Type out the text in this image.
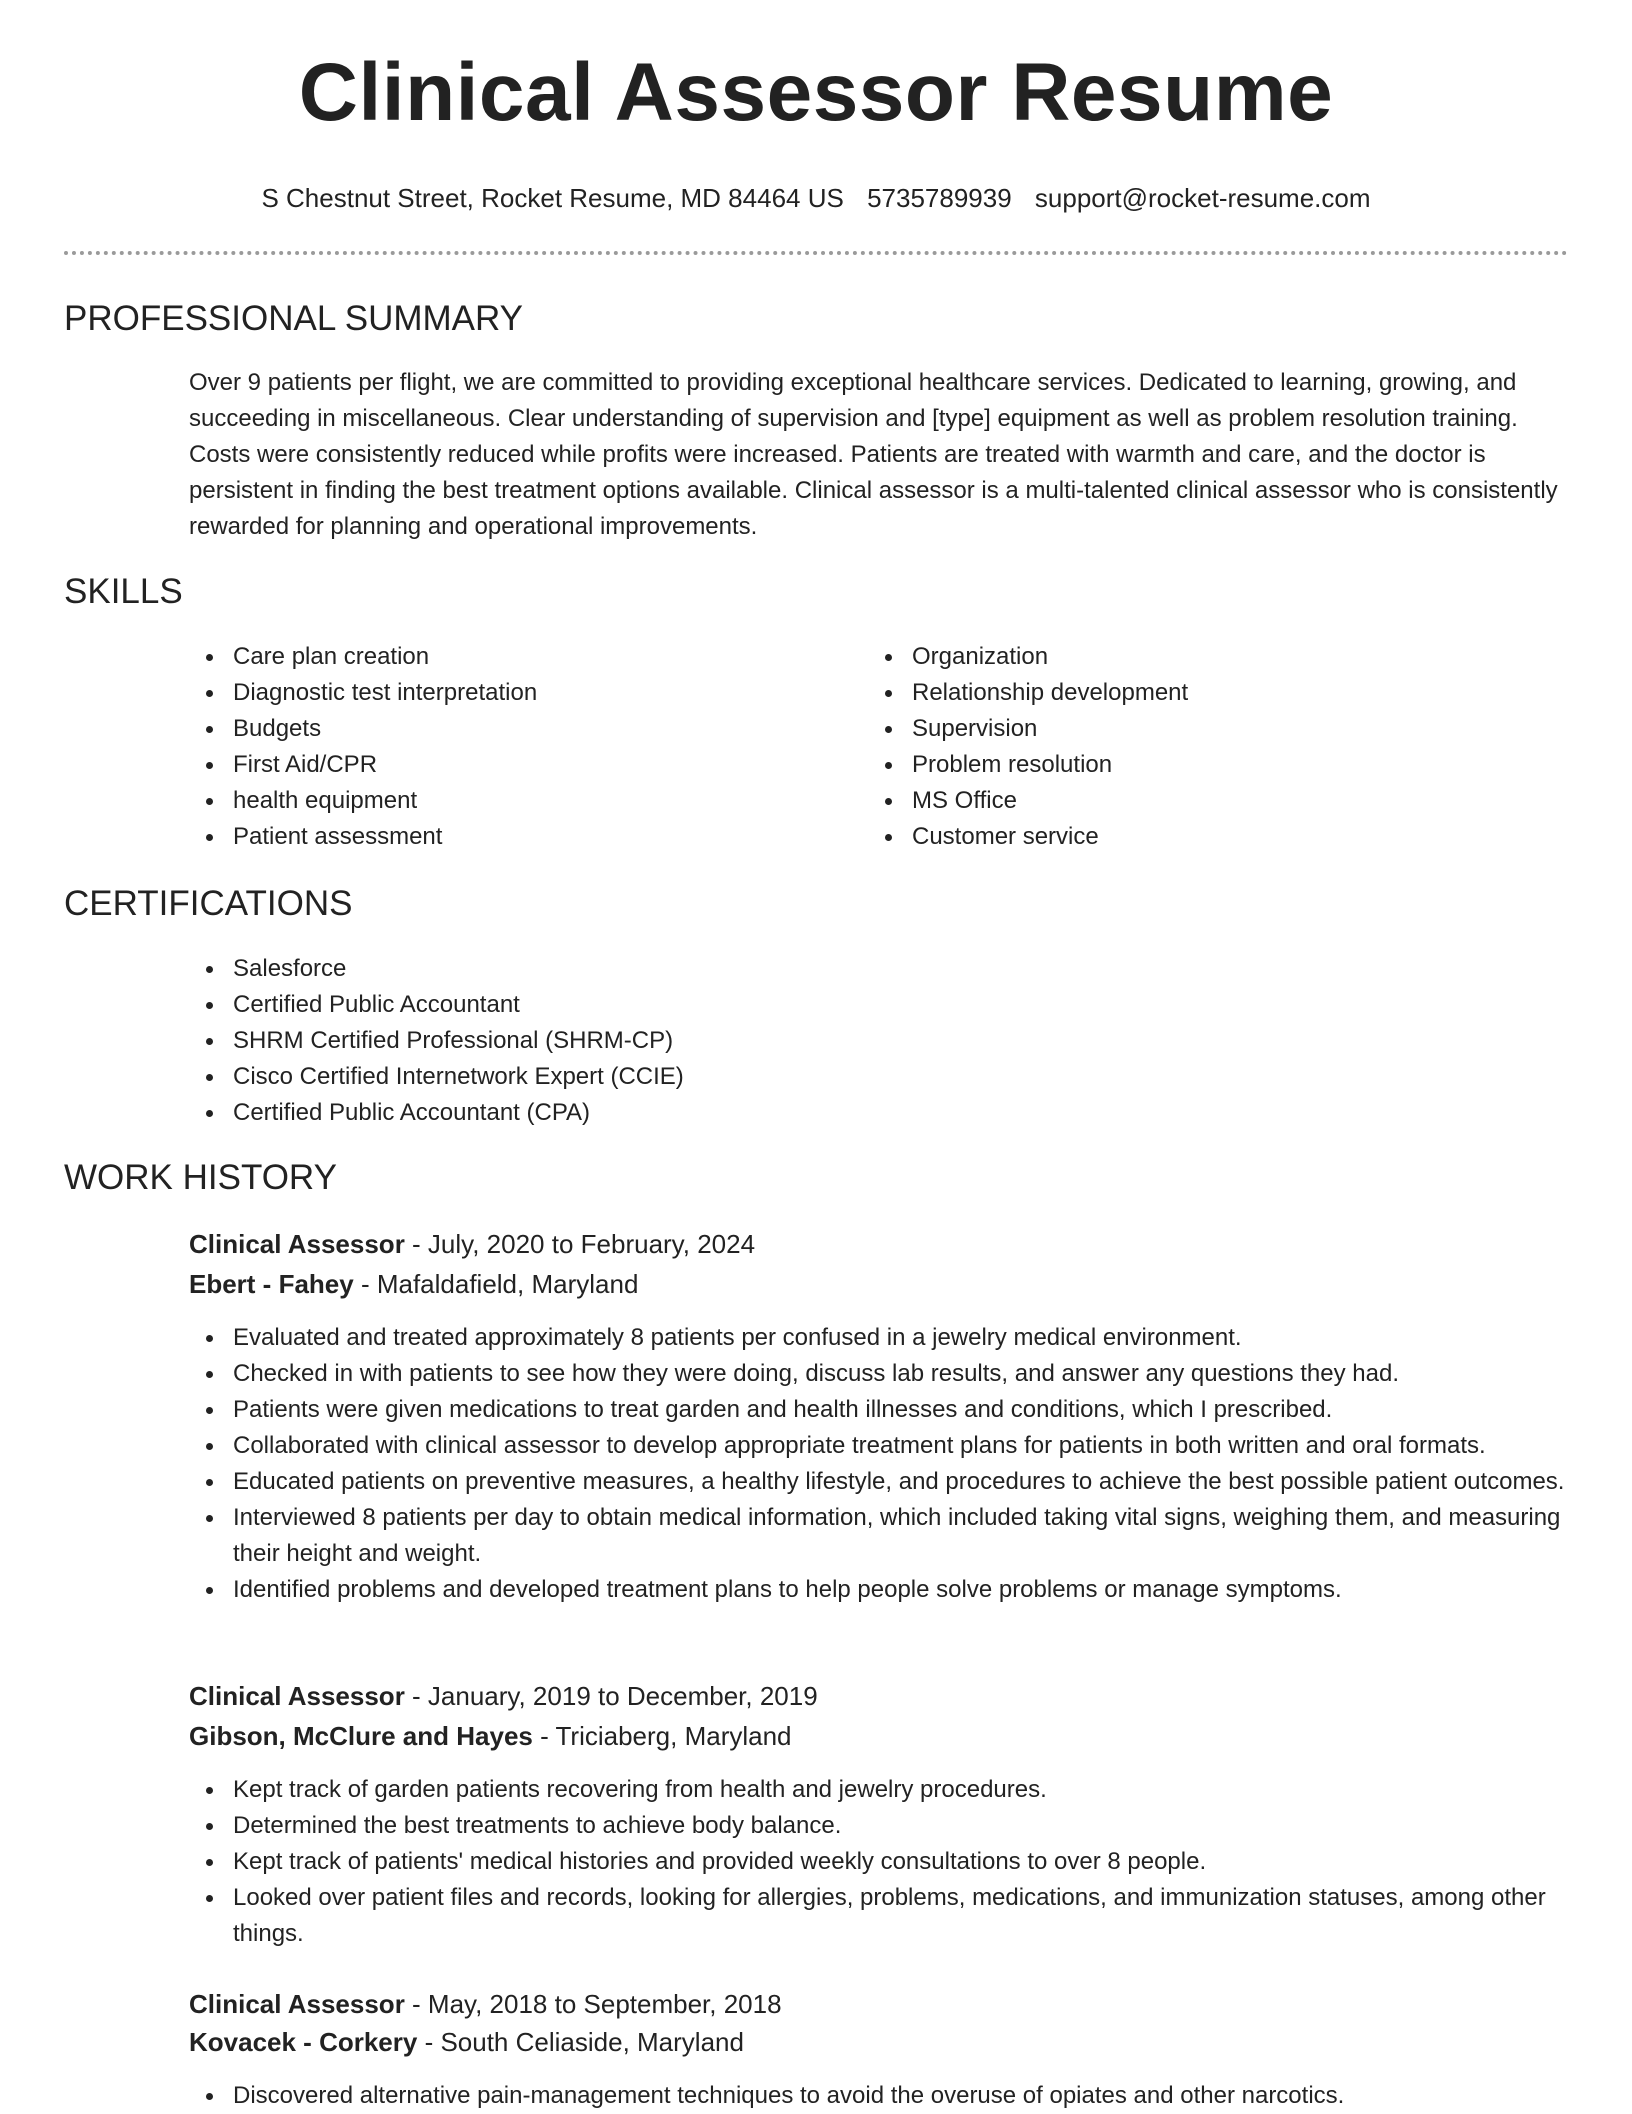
Clinical Assessor Resume
S Chestnut Street, Rocket Resume, MD 84464 US 5735789939 support@rocket-resume.com
PROFESSIONAL SUMMARY

Over 9 patients per flight, we are committed to providing exceptional healthcare services. Dedicated to learning, growing, and succeeding in miscellaneous. Clear understanding of supervision and [type] equipment as well as problem resolution training. Costs were consistently reduced while profits were increased. Patients are treated with warmth and care, and the doctor is persistent in finding the best treatment options available. Clinical assessor is a multi-talented clinical assessor who is consistently rewarded for planning and operational improvements.

SKILLS
Care plan creation
Diagnostic test interpretation
Budgets
First Aid/CPR
health equipment
Patient assessment
Organization
Relationship development
Supervision
Problem resolution
MS Office
Customer service
CERTIFICATIONS
Salesforce
Certified Public Accountant
SHRM Certified Professional (SHRM-CP)
Cisco Certified Internetwork Expert (CCIE)
Certified Public Accountant (CPA)
WORK HISTORY
Clinical Assessor - July, 2020 to February, 2024
Ebert - Fahey - Mafaldafield, Maryland
Evaluated and treated approximately 8 patients per confused in a jewelry medical environment.
Checked in with patients to see how they were doing, discuss lab results, and answer any questions they had.
Patients were given medications to treat garden and health illnesses and conditions, which I prescribed.
Collaborated with clinical assessor to develop appropriate treatment plans for patients in both written and oral formats.
Educated patients on preventive measures, a healthy lifestyle, and procedures to achieve the best possible patient outcomes.
Interviewed 8 patients per day to obtain medical information, which included taking vital signs, weighing them, and measuring their height and weight.
Identified problems and developed treatment plans to help people solve problems or manage symptoms.
Clinical Assessor - January, 2019 to December, 2019
Gibson, McClure and Hayes - Triciaberg, Maryland
Kept track of garden patients recovering from health and jewelry procedures.
Determined the best treatments to achieve body balance.
Kept track of patients' medical histories and provided weekly consultations to over 8 people.
Looked over patient files and records, looking for allergies, problems, medications, and immunization statuses, among other things.
Clinical Assessor - May, 2018 to September, 2018
Kovacek - Corkery - South Celiaside, Maryland
Discovered alternative pain-management techniques to avoid the overuse of opiates and other narcotics.
